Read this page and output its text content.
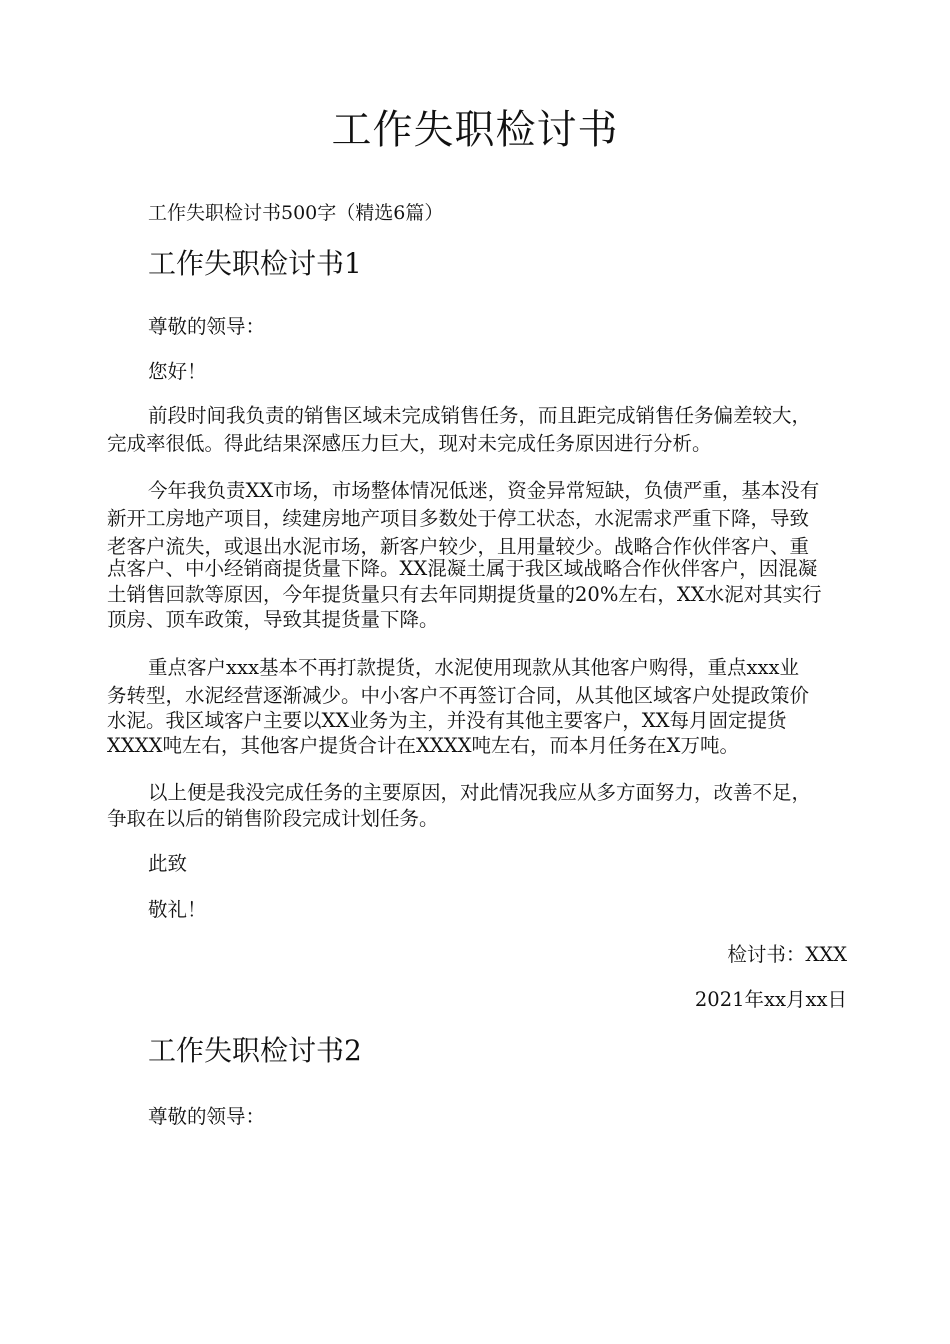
工作失职检讨书
工作失职检讨书500字（精选6篇）
工作失职检讨书1
尊敬的领导：
您好！
前段时间我负责的销售区域未完成销售任务，而且距完成销售任务偏差较大，
完成率很低。得此结果深感压力巨大，现对未完成任务原因进行分析。
今年我负责XX市场，市场整体情况低迷，资金异常短缺，负债严重，基本没有
新开工房地产项目，续建房地产项目多数处于停工状态，水泥需求严重下降，导致
老客户流失，或退出水泥市场，新客户较少，且用量较少。战略合作伙伴客户、重
点客户、中小经销商提货量下降。XX混凝土属于我区域战略合作伙伴客户，因混凝
土销售回款等原因，今年提货量只有去年同期提货量的20%左右，XX水泥对其实行
顶房、顶车政策，导致其提货量下降。
重点客户xxx基本不再打款提货，水泥使用现款从其他客户购得，重点xxx业
务转型，水泥经营逐渐减少。中小客户不再签订合同，从其他区域客户处提政策价
水泥。我区域客户主要以XX业务为主，并没有其他主要客户，XX每月固定提货
XXXX吨左右，其他客户提货合计在XXXX吨左右，而本月任务在X万吨。
以上便是我没完成任务的主要原因，对此情况我应从多方面努力，改善不足，
争取在以后的销售阶段完成计划任务。
此致
敬礼！
检讨书：XXX
2021年xx月xx日
工作失职检讨书2
尊敬的领导：
